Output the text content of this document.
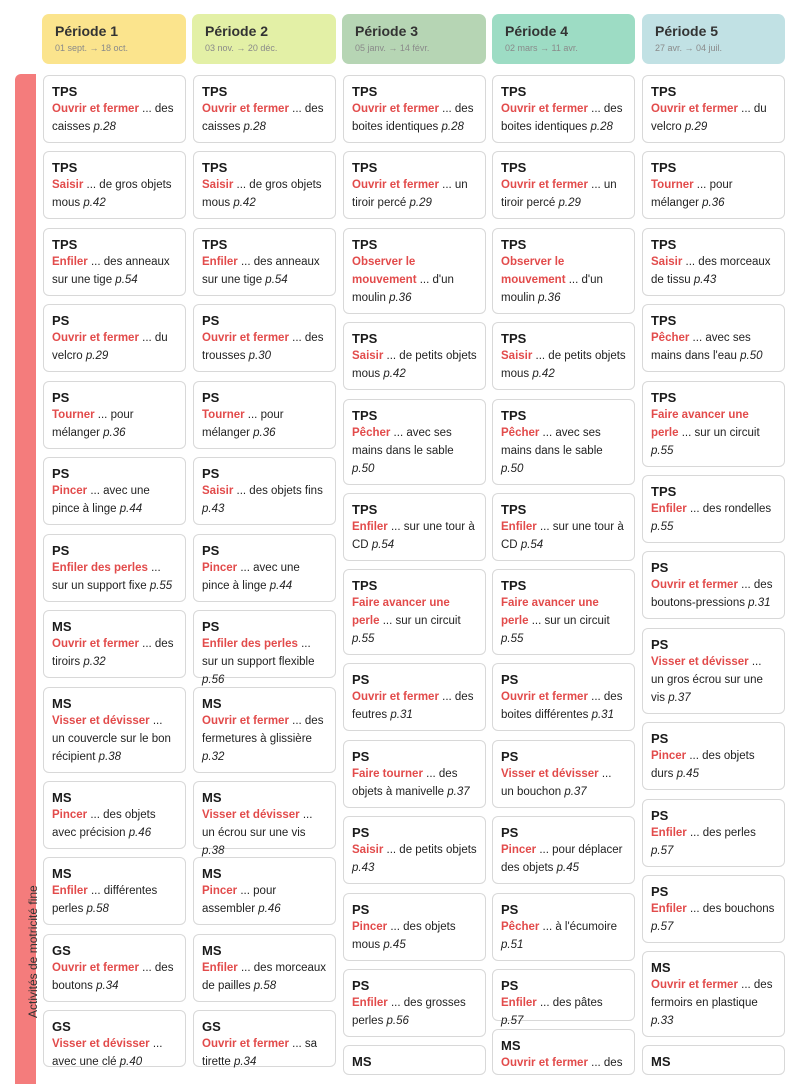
Période 1
01 sept. → 18 oct.
Période 2
03 nov. → 20 déc.
Période 3
05 janv. → 14 févr.
Période 4
02 mars → 11 avr.
Période 5
27 avr. → 04 juil.
Activités de motricité fine
TPS
Ouvrir et fermer ... des caisses p.28
TPS
Saisir ... de gros objets mous p.42
TPS
Enfiler ... des anneaux sur une tige p.54
PS
Ouvrir et fermer ... du velcro p.29
PS
Tourner ... pour mélanger p.36
PS
Pincer ... avec une pince à linge p.44
PS
Enfiler des perles ... sur un support fixe p.55
MS
Ouvrir et fermer ... des tiroirs p.32
MS
Visser et dévisser ... un couvercle sur le bon récipient p.38
MS
Pincer ... des objets avec précision p.46
MS
Enfiler ... différentes perles p.58
GS
Ouvrir et fermer ... des boutons p.34
GS
Visser et dévisser ... avec une clé p.40
TPS
Ouvrir et fermer ... des caisses p.28
TPS
Saisir ... de gros objets mous p.42
TPS
Enfiler ... des anneaux sur une tige p.54
PS
Ouvrir et fermer ... des trousses p.30
PS
Tourner ... pour mélanger p.36
PS
Saisir ... des objets fins p.43
PS
Pincer ... avec une pince à linge p.44
PS
Enfiler des perles ... sur un support flexible p.56
MS
Ouvrir et fermer ... des fermetures à glissière p.32
MS
Visser et dévisser ... un écrou sur une vis p.38
MS
Pincer ... pour assembler p.46
MS
Enfiler ... des morceaux de pailles p.58
GS
Ouvrir et fermer ... sa tirette p.34
TPS
Ouvrir et fermer ... des boites identiques p.28
TPS
Ouvrir et fermer ... un tiroir percé p.29
TPS
Observer le mouvement ... d'un moulin p.36
TPS
Saisir ... de petits objets mous p.42
TPS
Pêcher ... avec ses mains dans le sable p.50
TPS
Enfiler ... sur une tour à CD p.54
TPS
Faire avancer une perle ... sur un circuit p.55
PS
Ouvrir et fermer ... des feutres p.31
PS
Faire tourner ... des objets à manivelle p.37
PS
Saisir ... de petits objets p.43
PS
Pincer ... des objets mous p.45
PS
Enfiler ... des grosses perles p.56
MS
TPS
Ouvrir et fermer ... des boites identiques p.28
TPS
Ouvrir et fermer ... un tiroir percé p.29
TPS
Observer le mouvement ... d'un moulin p.36
TPS
Saisir ... de petits objets mous p.42
TPS
Pêcher ... avec ses mains dans le sable p.50
TPS
Enfiler ... sur une tour à CD p.54
TPS
Faire avancer une perle ... sur un circuit p.55
PS
Ouvrir et fermer ... des boites différentes p.31
PS
Visser et dévisser ... un bouchon p.37
PS
Pincer ... pour déplacer des objets p.45
PS
Pêcher ... à l'écumoire p.51
PS
Enfiler ... des pâtes p.57
MS
Ouvrir et fermer ... des
TPS
Ouvrir et fermer ... du velcro p.29
TPS
Tourner ... pour mélanger p.36
TPS
Saisir ... des morceaux de tissu p.43
TPS
Pêcher ... avec ses mains dans l'eau p.50
TPS
Faire avancer une perle ... sur un circuit p.55
TPS
Enfiler ... des rondelles p.55
PS
Ouvrir et fermer ... des boutons-pressions p.31
PS
Visser et dévisser ... un gros écrou sur une vis p.37
PS
Pincer ... des objets durs p.45
PS
Enfiler ... des perles p.57
PS
Enfiler ... des bouchons p.57
MS
Ouvrir et fermer ... des fermoirs en plastique p.33
MS
